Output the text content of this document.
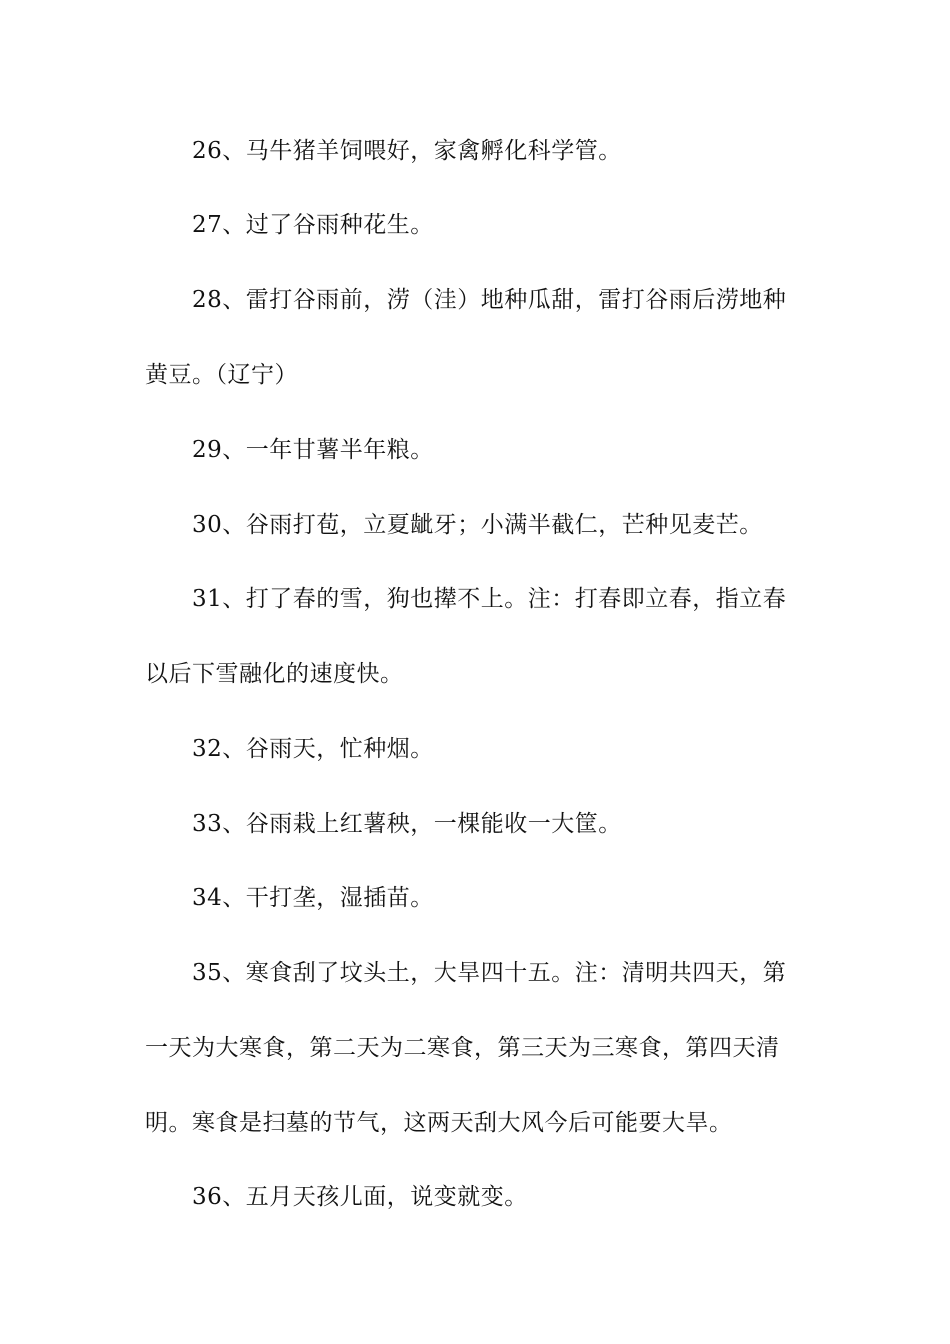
26、马牛猪羊饲喂好，家禽孵化科学管。
27、过了谷雨种花生。
28、雷打谷雨前，涝（洼）地种瓜甜，雷打谷雨后涝地种
黄豆。（辽宁）
29、一年甘薯半年粮。
30、谷雨打苞，立夏龇牙；小满半截仁，芒种见麦芒。
31、打了春的雪，狗也撵不上。注：打春即立春，指立春
以后下雪融化的速度快。
32、谷雨天，忙种烟。
33、谷雨栽上红薯秧，一棵能收一大筐。
34、干打垄，湿插苗。
35、寒食刮了坟头土，大旱四十五。注：清明共四天，第
一天为大寒食，第二天为二寒食，第三天为三寒食，第四天清
明。寒食是扫墓的节气，这两天刮大风今后可能要大旱。
36、五月天孩儿面，说变就变。
